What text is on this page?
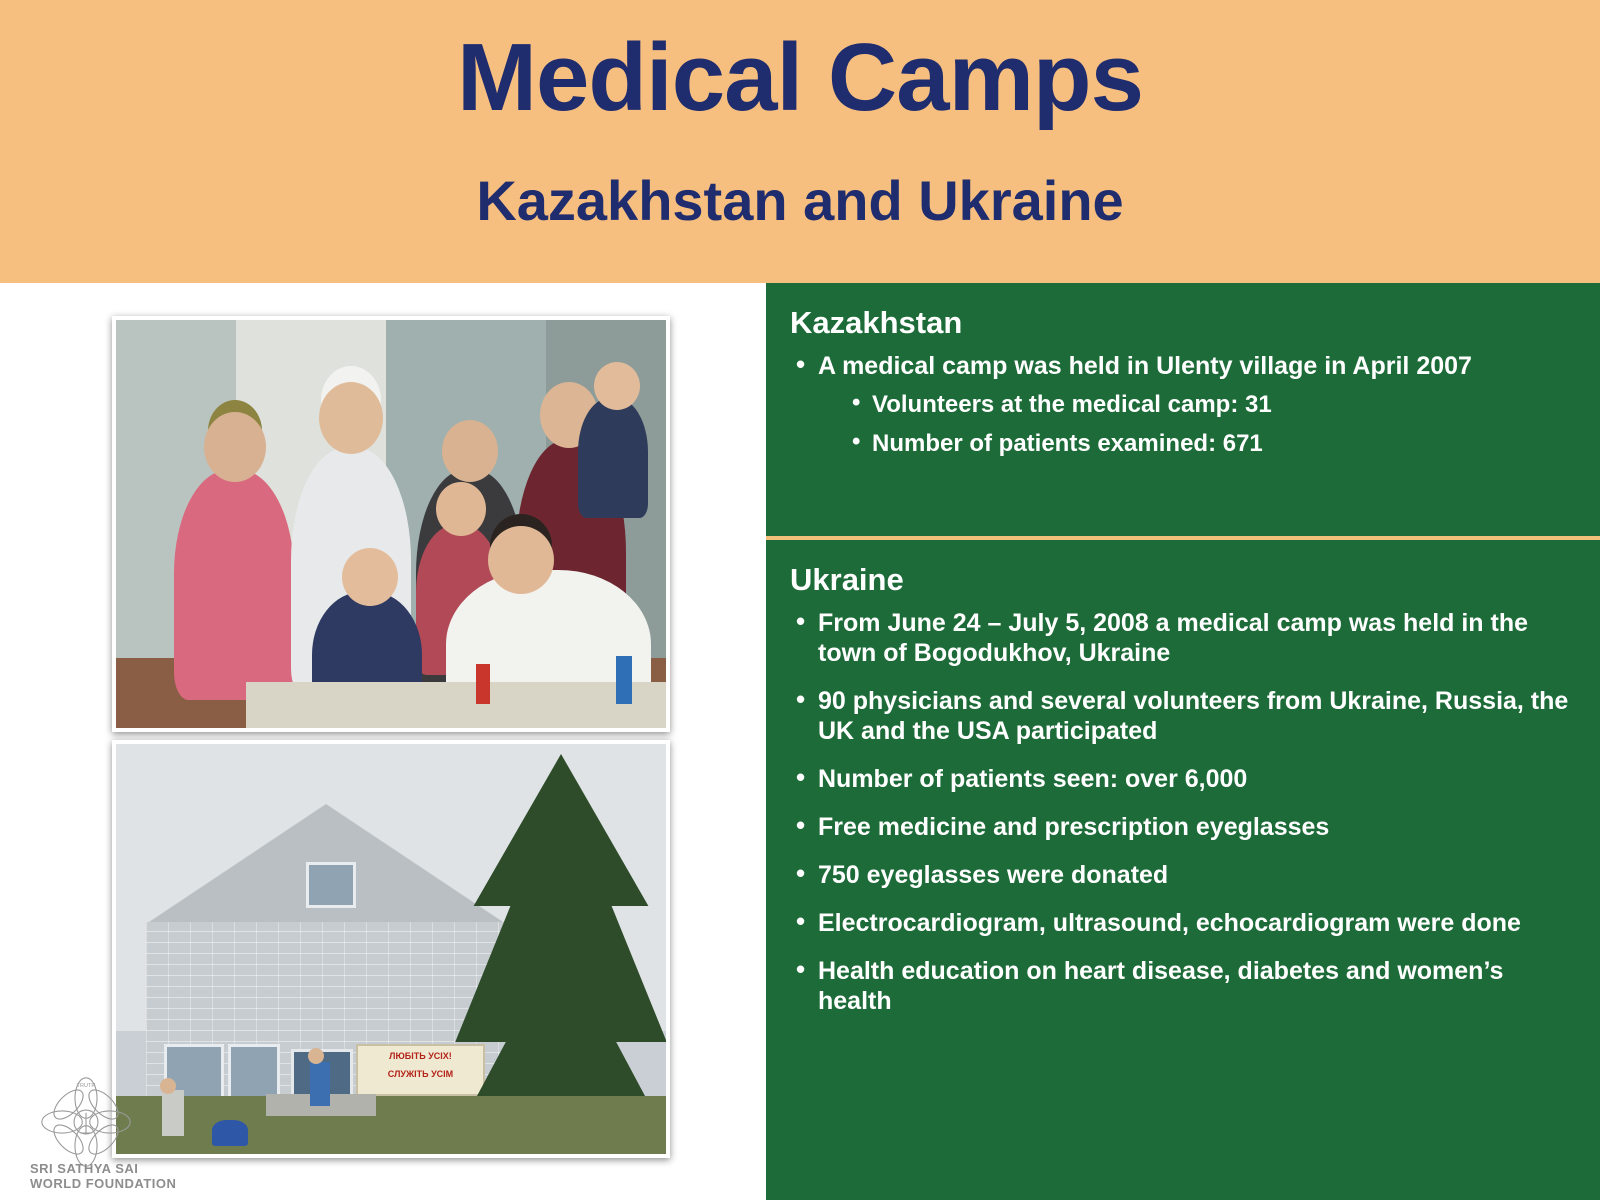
Medical Camps
Kazakhstan and Ukraine
ЛЮБІТЬ УСІХ!
СЛУЖІТЬ УСІМ
TRUTH
SRI SATHYA SAI
WORLD FOUNDATION
Kazakhstan
• A medical camp was held in Ulenty village in April 2007
• Volunteers at the medical camp: 31
• Number of patients examined: 671
Ukraine
• From June 24 – July 5, 2008 a medical camp was held in the town of Bogodukhov, Ukraine
• 90 physicians and several volunteers from Ukraine, Russia, the UK and the USA participated
• Number of patients seen: over 6,000
• Free medicine and prescription eyeglasses
• 750 eyeglasses were donated
• Electrocardiogram, ultrasound, echocardiogram were done
• Health education on heart disease, diabetes and women’s health
